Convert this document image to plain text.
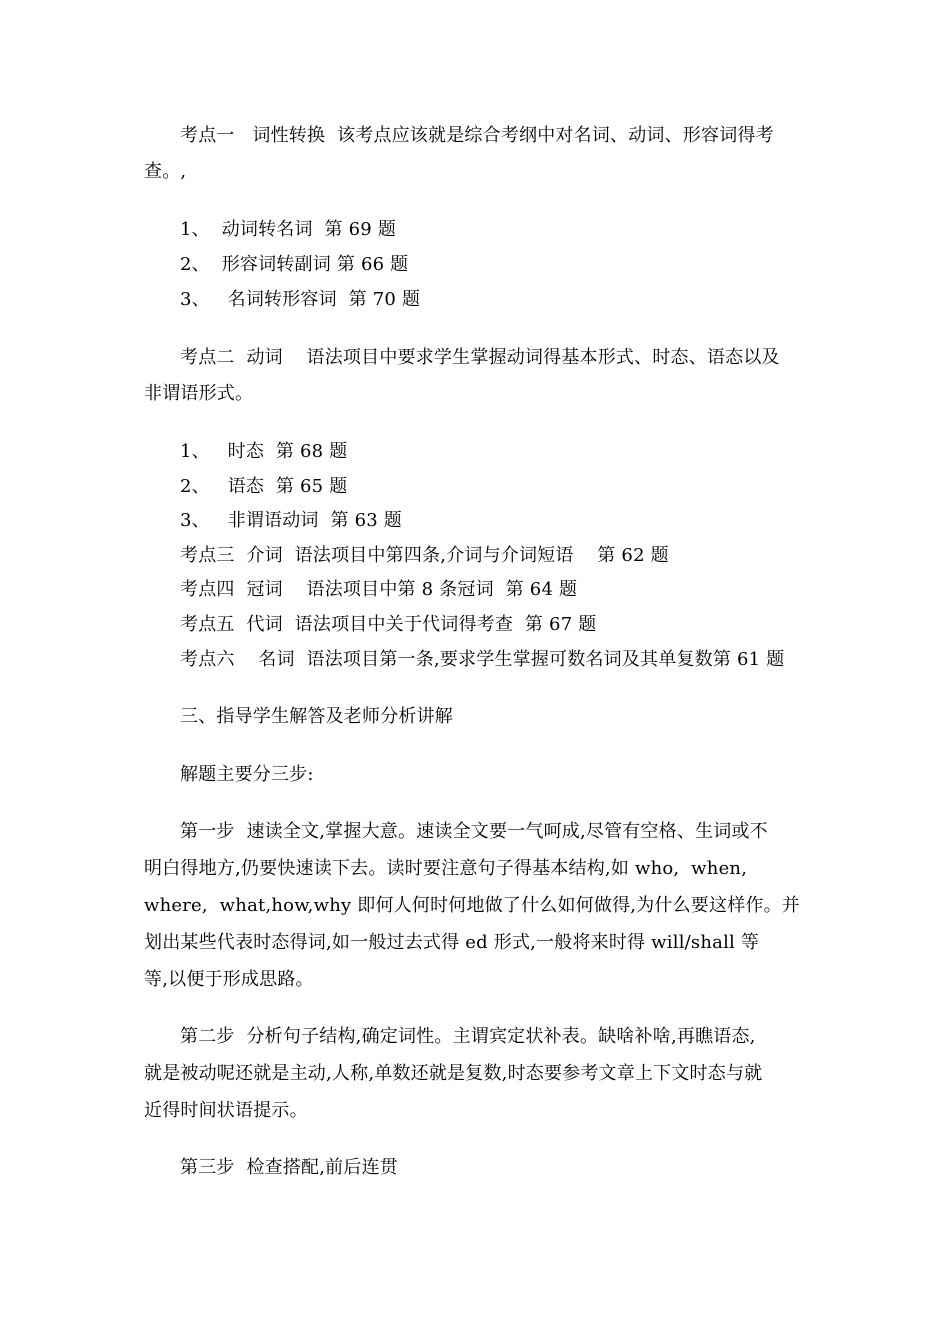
考点一   词性转换  该考点应该就是综合考纲中对名词、动词、形容词得考
查。,
1、  动词转名词  第 69 题
2、  形容词转副词 第 66 题
3、   名词转形容词  第 70 题
考点二  动词    语法项目中要求学生掌握动词得基本形式、时态、语态以及
非谓语形式。
1、   时态  第 68 题
2、   语态  第 65 题
3、   非谓语动词  第 63 题
考点三  介词  语法项目中第四条,介词与介词短语    第 62 题
考点四  冠词    语法项目中第 8 条冠词  第 64 题
考点五  代词  语法项目中关于代词得考查  第 67 题
考点六    名词  语法项目第一条,要求学生掌握可数名词及其单复数第 61 题
三、指导学生解答及老师分析讲解
解题主要分三步:
第一步  速读全文,掌握大意。速读全文要一气呵成,尽管有空格、生词或不
明白得地方,仍要快速读下去。读时要注意句子得基本结构,如 who,  when,
where,  what,how,why 即何人何时何地做了什么如何做得,为什么要这样作。并
划出某些代表时态得词,如一般过去式得 ed 形式,一般将来时得 will/shall 等
等,以便于形成思路。
第二步  分析句子结构,确定词性。主谓宾定状补表。缺啥补啥,再瞧语态,
就是被动呢还就是主动,人称,单数还就是复数,时态要参考文章上下文时态与就
近得时间状语提示。
第三步  检查搭配,前后连贯
